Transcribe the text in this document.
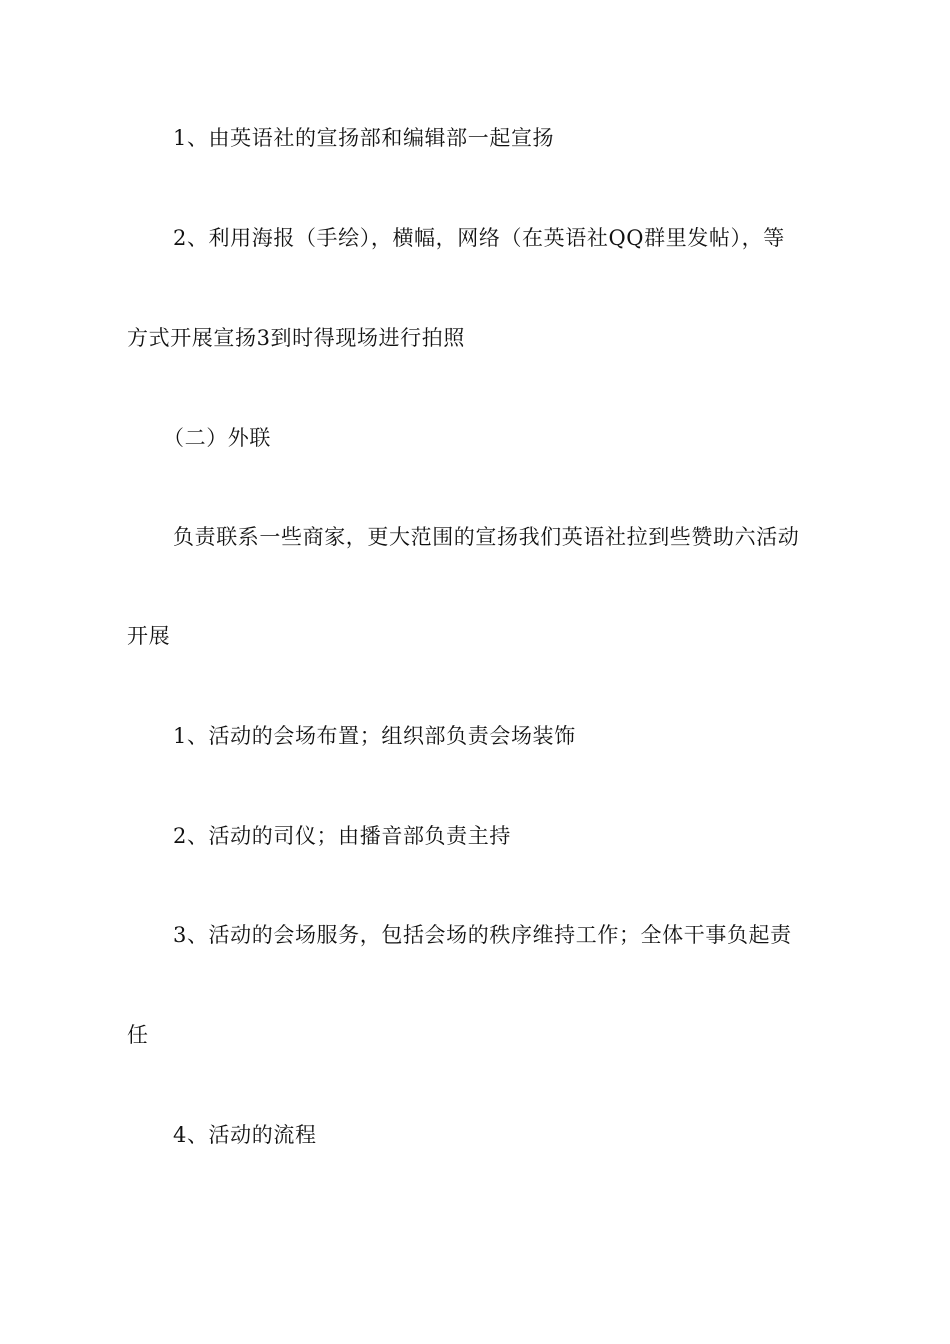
1、由英语社的宣扬部和编辑部一起宣扬
2、利用海报（手绘），横幅，网络（在英语社QQ群里发帖），等
方式开展宣扬3到时得现场进行拍照
（二）外联
负责联系一些商家，更大范围的宣扬我们英语社拉到些赞助六活动
开展
1、活动的会场布置；组织部负责会场装饰
2、活动的司仪；由播音部负责主持
3、活动的会场服务，包括会场的秩序维持工作；全体干事负起责
任
4、活动的流程
